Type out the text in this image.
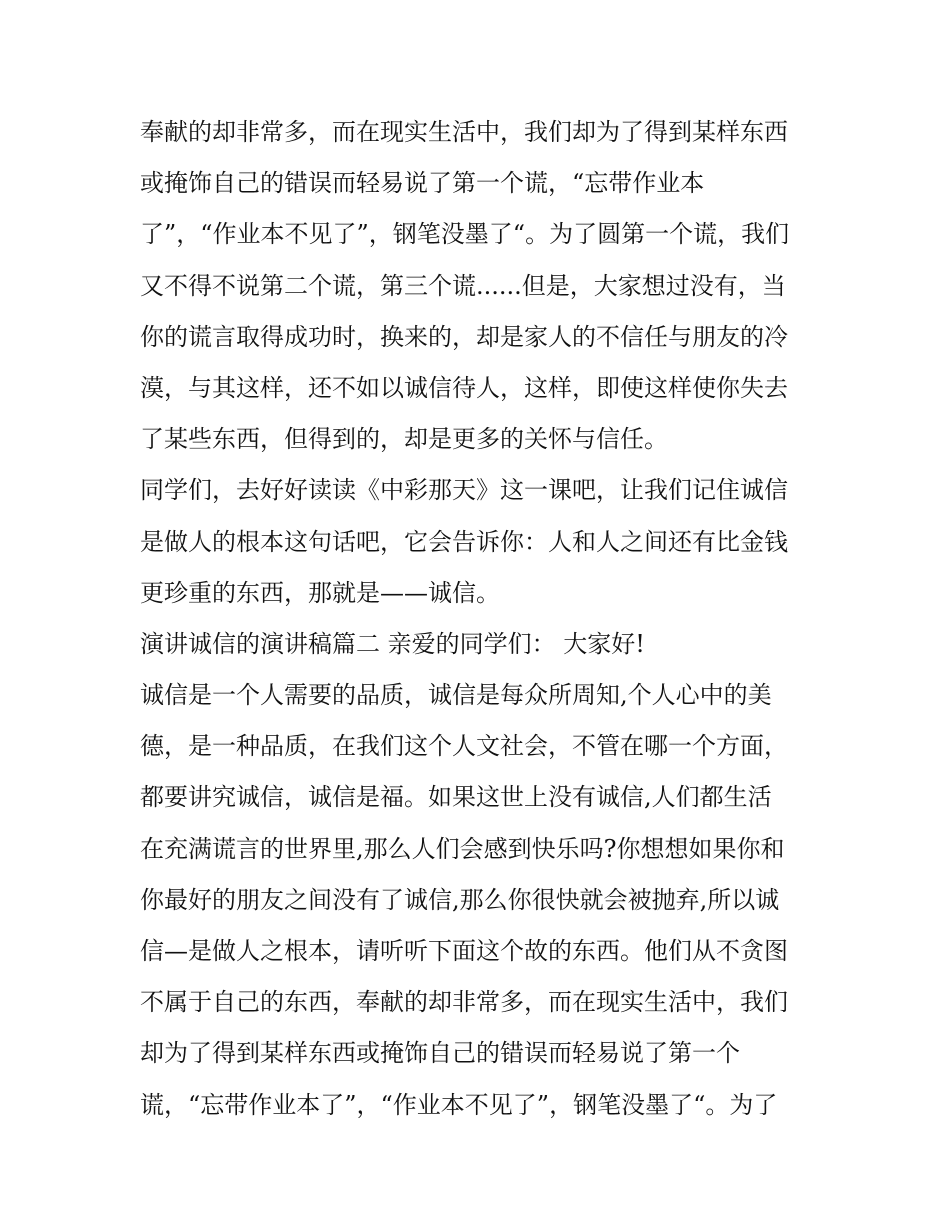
奉献的却非常多，而在现实生活中，我们却为了得到某样东西
或掩饰自己的错误而轻易说了第一个谎，“忘带作业本
了”，“作业本不见了”，钢笔没墨了“。为了圆第一个谎，我们
又不得不说第二个谎，第三个谎......但是，大家想过没有，当
你的谎言取得成功时，换来的，却是家人的不信任与朋友的冷
漠，与其这样，还不如以诚信待人，这样，即使这样使你失去
了某些东西，但得到的，却是更多的关怀与信任。
同学们，去好好读读《中彩那天》这一课吧，让我们记住诚信
是做人的根本这句话吧，它会告诉你：人和人之间还有比金钱
更珍重的东西，那就是——诚信。
演讲诚信的演讲稿篇二 亲爱的同学们： 大家好!
诚信是一个人需要的品质，诚信是每众所周知,个人心中的美
德，是一种品质，在我们这个人文社会，不管在哪一个方面，
都要讲究诚信，诚信是福。如果这世上没有诚信,人们都生活
在充满谎言的世界里,那么人们会感到快乐吗?你想想如果你和
你最好的朋友之间没有了诚信,那么你很快就会被抛弃,所以诚
信—是做人之根本，请听听下面这个故的东西。他们从不贪图
不属于自己的东西，奉献的却非常多，而在现实生活中，我们
却为了得到某样东西或掩饰自己的错误而轻易说了第一个
谎，“忘带作业本了”，“作业本不见了”，钢笔没墨了“。为了
